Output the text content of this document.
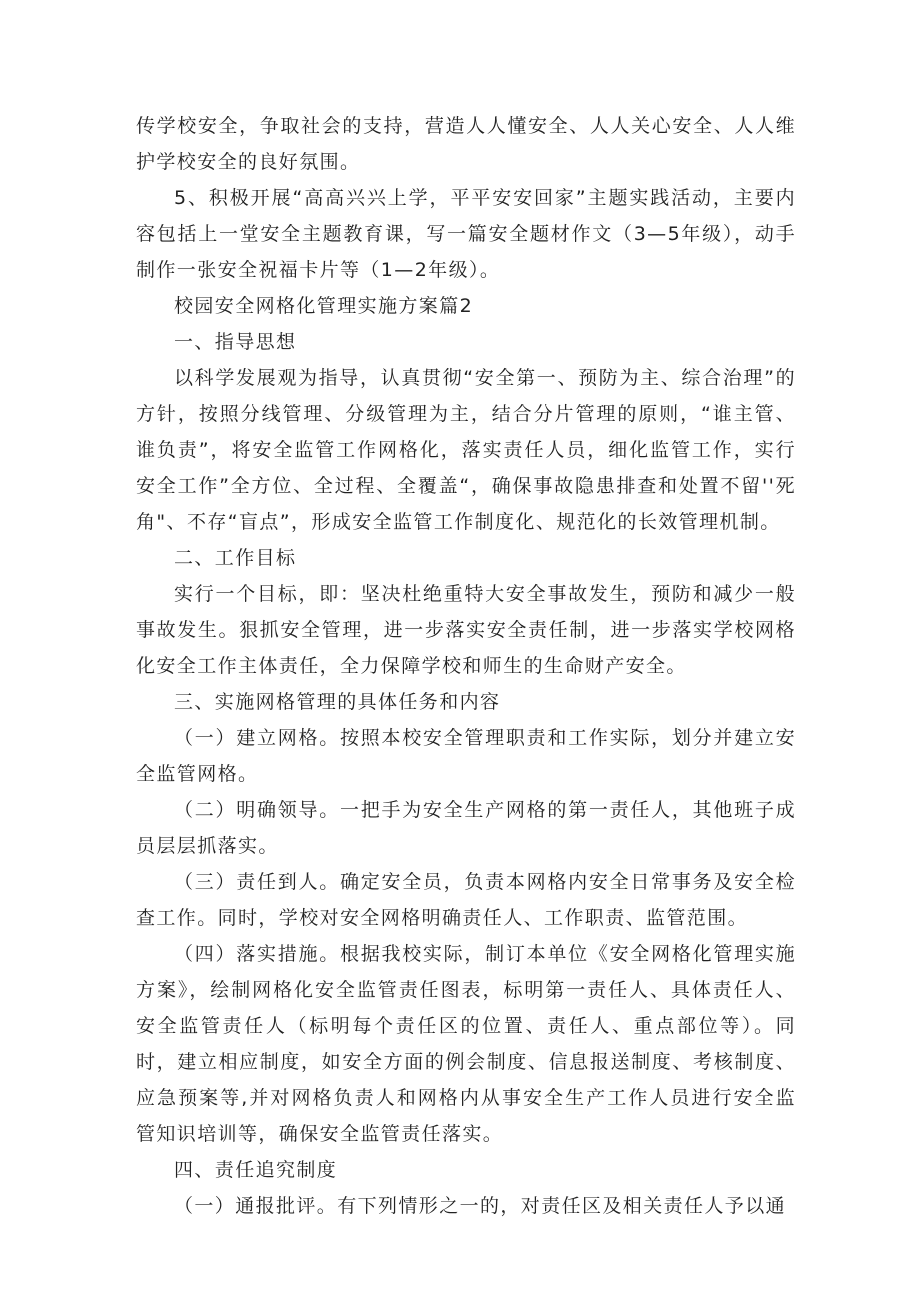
传学校安全，争取社会的支持，营造人人懂安全、人人关心安全、人人维护学校安全的良好氛围。

5、积极开展“高高兴兴上学，平平安安回家”主题实践活动，主要内容包括上一堂安全主题教育课，写一篇安全题材作文（3—5年级），动手制作一张安全祝福卡片等（1—2年级）。

校园安全网格化管理实施方案篇2

一、指导思想

以科学发展观为指导，认真贯彻“安全第一、预防为主、综合治理”的方针，按照分线管理、分级管理为主，结合分片管理的原则，“谁主管、谁负责”，将安全监管工作网格化，落实责任人员，细化监管工作，实行安全工作”全方位、全过程、全覆盖“，确保事故隐患排查和处置不留''死角"、不存“盲点”，形成安全监管工作制度化、规范化的长效管理机制。

二、工作目标

实行一个目标，即：坚决杜绝重特大安全事故发生，预防和减少一般事故发生。狠抓安全管理，进一步落实安全责任制，进一步落实学校网格化安全工作主体责任，全力保障学校和师生的生命财产安全。

三、实施网格管理的具体任务和内容

（一）建立网格。按照本校安全管理职责和工作实际，划分并建立安全监管网格。

（二）明确领导。一把手为安全生产网格的第一责任人，其他班子成员层层抓落实。

（三）责任到人。确定安全员，负责本网格内安全日常事务及安全检查工作。同时，学校对安全网格明确责任人、工作职责、监管范围。

（四）落实措施。根据我校实际，制订本单位《安全网格化管理实施方案》，绘制网格化安全监管责任图表，标明第一责任人、具体责任人、安全监管责任人（标明每个责任区的位置、责任人、重点部位等）。同时，建立相应制度，如安全方面的例会制度、信息报送制度、考核制度、应急预案等,并对网格负责人和网格内从事安全生产工作人员进行安全监管知识培训等，确保安全监管责任落实。

四、责任追究制度

（一）通报批评。有下列情形之一的，对责任区及相关责任人予以通
